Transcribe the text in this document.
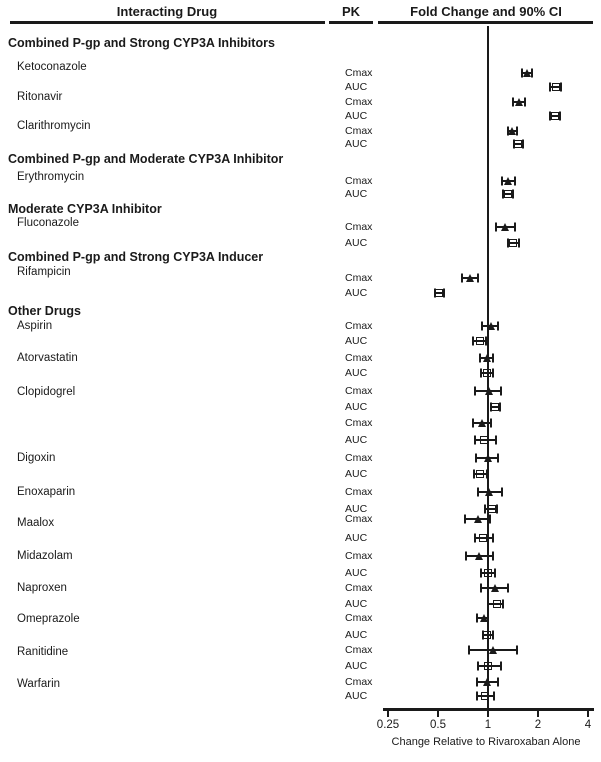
Interacting Drug	PK	Fold Change and 90% CI
Combined P-gp and Strong CYP3A Inhibitors
Ketoconazole	Cmax
AUC
Ritonavir	Cmax
AUC
Clarithromycin	Cmax
AUC
Combined P-gp and Moderate CYP3A Inhibitor
Erythromycin	Cmax
AUC
Moderate CYP3A Inhibitor
Fluconazole	Cmax
AUC
Combined P-gp and Strong CYP3A Inducer
Rifampicin	Cmax
AUC
Other Drugs
Aspirin	Cmax
AUC
Atorvastatin	Cmax
AUC
Clopidogrel	Cmax
AUC
Cmax
AUC
Digoxin	Cmax
AUC
Enoxaparin	Cmax
AUC
Maalox	Cmax
AUC
Midazolam	Cmax
AUC
Naproxen	Cmax
AUC
Omeprazole	Cmax
AUC
Ranitidine	Cmax
AUC
Warfarin	Cmax
AUC
0.25	0.5	1	2	4
Change Relative to Rivaroxaban Alone
